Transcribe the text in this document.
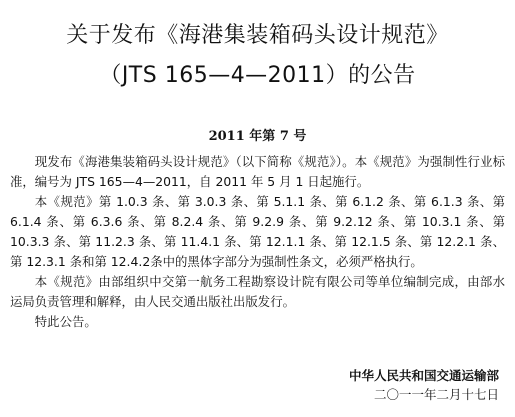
关于发布《海港集装箱码头设计规范》
（JTS 165—4—2011）的公告
2011 年第 7 号

现发布《海港集装箱码头设计规范》（以下简称《规范》）。本《规范》为强制性行业标准，编号为 JTS 165—4—2011，自 2011 年 5 月 1 日起施行。

本《规范》第 1.0.3 条、第 3.0.3 条、第 5.1.1 条、第 6.1.2 条、第 6.1.3 条、第 6.1.4 条、第 6.3.6 条、第 8.2.4 条、第 9.2.9 条、第 9.2.12 条、第 10.3.1 条、第 10.3.3 条、第 11.2.3 条、第 11.4.1 条、第 12.1.1 条、第 12.1.5 条、第 12.2.1 条、第 12.3.1 条和第 12.4.2条中的黑体字部分为强制性条文，必须严格执行。

本《规范》由部组织中交第一航务工程勘察设计院有限公司等单位编制完成，由部水运局负责管理和解释，由人民交通出版社出版发行。

特此公告。

中华人民共和国交通运输部
二〇一一年二月十七日
